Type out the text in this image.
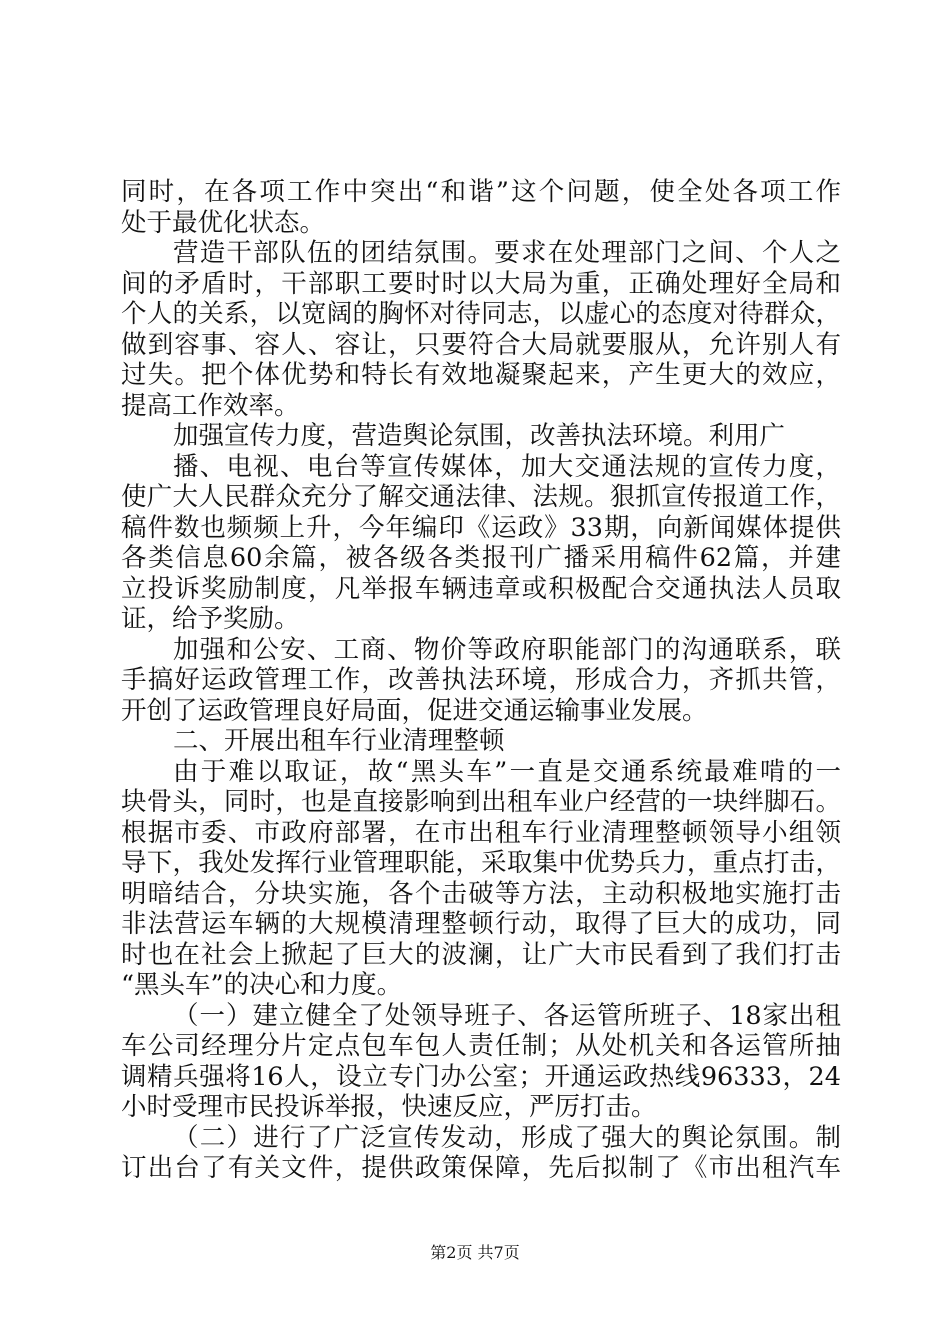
同时，在各项工作中突出“和谐”这个问题，使全处各项工作
处于最优化状态。
营造干部队伍的团结氛围。要求在处理部门之间、个人之
间的矛盾时，干部职工要时时以大局为重，正确处理好全局和
个人的关系，以宽阔的胸怀对待同志，以虚心的态度对待群众，
做到容事、容人、容让，只要符合大局就要服从，允许别人有
过失。把个体优势和特长有效地凝聚起来，产生更大的效应，
提高工作效率。
加强宣传力度，营造舆论氛围，改善执法环境。利用广
播、电视、电台等宣传媒体，加大交通法规的宣传力度，
使广大人民群众充分了解交通法律、法规。狠抓宣传报道工作，
稿件数也频频上升，今年编印《运政》33期，向新闻媒体提供
各类信息60余篇，被各级各类报刊广播采用稿件62篇，并建
立投诉奖励制度，凡举报车辆违章或积极配合交通执法人员取
证，给予奖励。
加强和公安、工商、物价等政府职能部门的沟通联系，联
手搞好运政管理工作，改善执法环境，形成合力，齐抓共管，
开创了运政管理良好局面，促进交通运输事业发展。
二、开展出租车行业清理整顿
由于难以取证，故“黑头车”一直是交通系统最难啃的一
块骨头，同时，也是直接影响到出租车业户经营的一块绊脚石。
根据市委、市政府部署，在市出租车行业清理整顿领导小组领
导下，我处发挥行业管理职能，采取集中优势兵力，重点打击，
明暗结合，分块实施，各个击破等方法，主动积极地实施打击
非法营运车辆的大规模清理整顿行动，取得了巨大的成功，同
时也在社会上掀起了巨大的波澜，让广大市民看到了我们打击
“黑头车”的决心和力度。
（一）建立健全了处领导班子、各运管所班子、18家出租
车公司经理分片定点包车包人责任制；从处机关和各运管所抽
调精兵强将16人，设立专门办公室；开通运政热线96333，24
小时受理市民投诉举报，快速反应，严厉打击。
（二）进行了广泛宣传发动，形成了强大的舆论氛围。制
订出台了有关文件，提供政策保障，先后拟制了《市出租汽车
第2页 共7页
